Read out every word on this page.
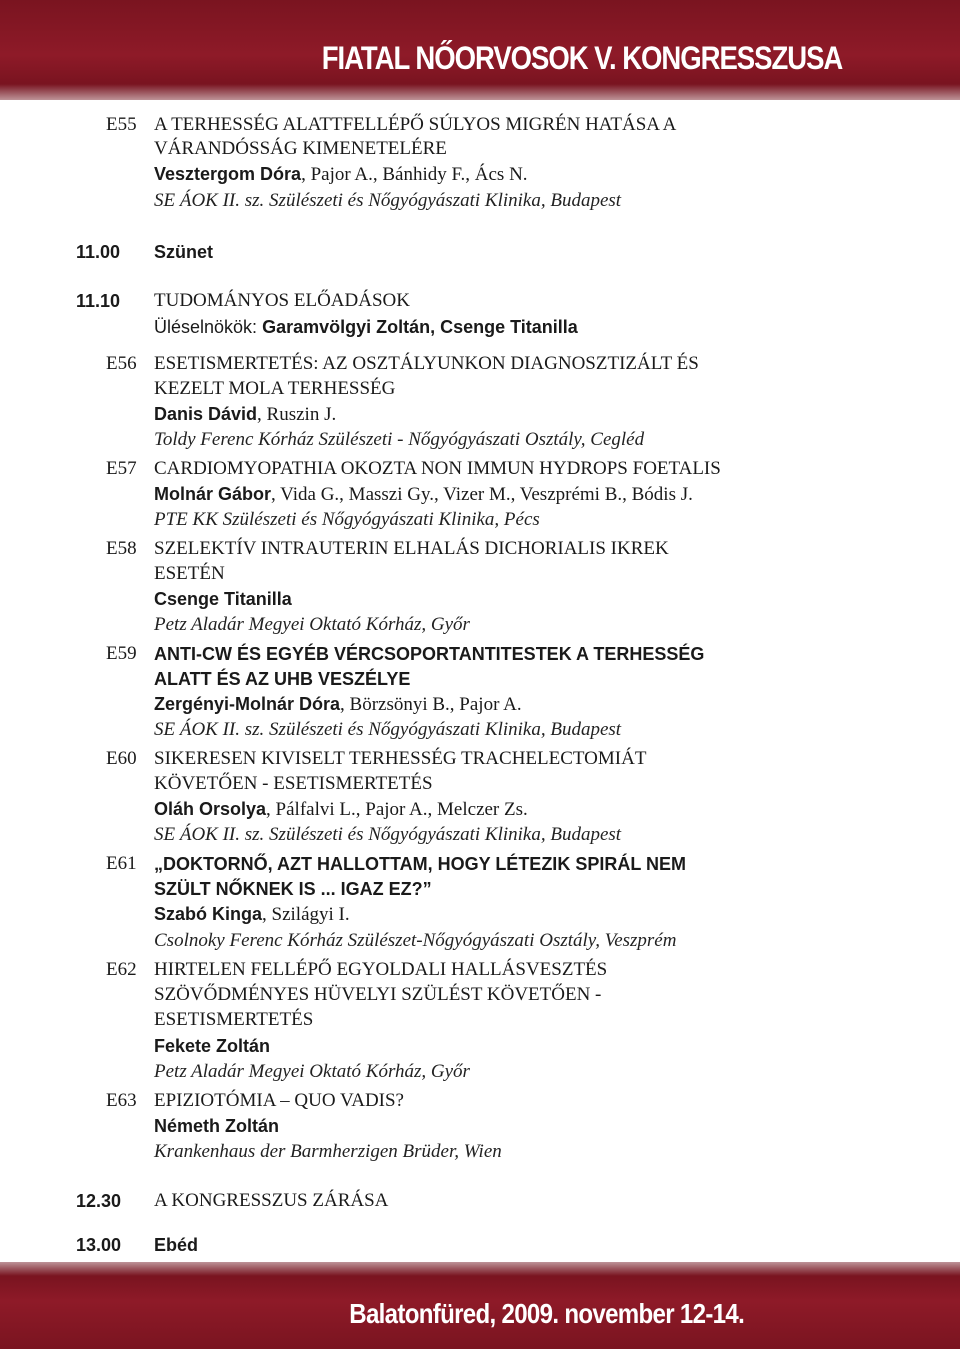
FIATAL NŐORVOSOK V. KONGRESSZUSA
E55 A TERHESSÉG ALATTFELLÉPŐ SÚLYOS MIGRÉN HATÁSA A
VÁRANDÓSSÁG KIMENETELÉRE
Vesztergom Dóra, Pajor A., Bánhidy F., Ács N.
SE ÁOK II. sz. Szülészeti és Nőgyógyászati Klinika, Budapest
11.00 Szünet
11.10 TUDOMÁNYOS ELŐADÁSOK
Üléselnökök: Garamvölgyi Zoltán, Csenge Titanilla
E56 ESETISMERTETÉS: AZ OSZTÁLYUNKON DIAGNOSZTIZÁLT ÉS
KEZELT MOLA TERHESSÉG
Danis Dávid, Ruszin J.
Toldy Ferenc Kórház Szülészeti - Nőgyógyászati Osztály, Cegléd
E57 CARDIOMYOPATHIA OKOZTA NON IMMUN HYDROPS FOETALIS
Molnár Gábor, Vida G., Masszi Gy., Vizer M., Veszprémi B., Bódis J.
PTE KK Szülészeti és Nőgyógyászati Klinika, Pécs
E58 SZELEKTÍV INTRAUTERIN ELHALÁS DICHORIALIS IKREK
ESETÉN
Csenge Titanilla
Petz Aladár Megyei Oktató Kórház, Győr
E59 ANTI-CW ÉS EGYÉB VÉRCSOPORTANTITESTEK A TERHESSÉG
ALATT ÉS AZ UHB VESZÉLYE
Zergényi-Molnár Dóra, Börzsönyi B., Pajor A.
SE ÁOK II. sz. Szülészeti és Nőgyógyászati Klinika, Budapest
E60 SIKERESEN KIVISELT TERHESSÉG TRACHELECTOMIÁT
KÖVETŐEN - ESETISMERTETÉS
Oláh Orsolya, Pálfalvi L., Pajor A., Melczer Zs.
SE ÁOK II. sz. Szülészeti és Nőgyógyászati Klinika, Budapest
E61 „DOKTORNŐ, AZT HALLOTTAM, HOGY LÉTEZIK SPIRÁL NEM
SZÜLT NŐKNEK IS ... IGAZ EZ?”
Szabó Kinga, Szilágyi I.
Csolnoky Ferenc Kórház Szülészet-Nőgyógyászati Osztály, Veszprém
E62 HIRTELEN FELLÉPŐ EGYOLDALI HALLÁSVESZTÉS
SZÖVŐDMÉNYES HÜVELYI SZÜLÉST KÖVETŐEN -
ESETISMERTETÉS
Fekete Zoltán
Petz Aladár Megyei Oktató Kórház, Győr
E63 EPIZIOTÓMIA – QUO VADIS?
Németh Zoltán
Krankenhaus der Barmherzigen Brüder, Wien
12.30 A KONGRESSZUS ZÁRÁSA
13.00 Ebéd
Balatonfüred, 2009. november 12-14.
